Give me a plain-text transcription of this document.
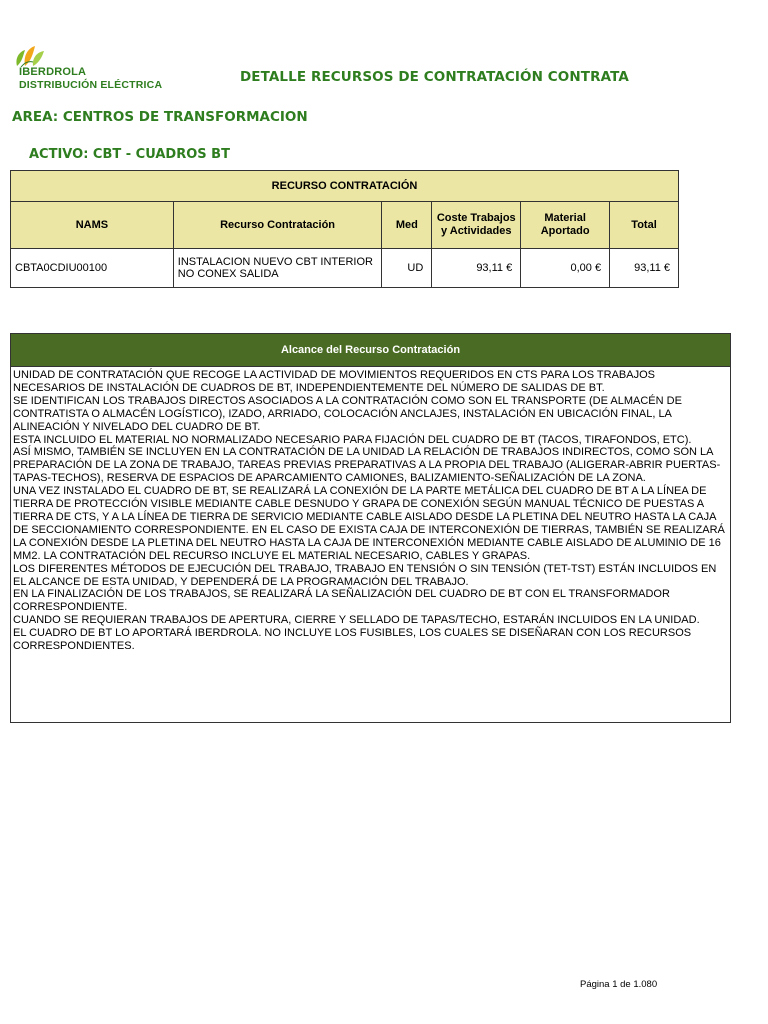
IBERDROLA
DISTRIBUCIÓN ELÉCTRICA	DETALLE RECURSOS DE CONTRATACIÓN CONTRATA
AREA: CENTROS DE TRANSFORMACION
ACTIVO: CBT - CUADROS BT
RECURSO CONTRATACIÓN					
NAMS	Recurso Contratación	Med	Coste Trabajos y Actividades	Material Aportado	Total
CBTA0CDIU00100	INSTALACION NUEVO CBT INTERIOR NO CONEX SALIDA	UD	93,11 €	0,00 €	93,11 €
Alcance del Recurso Contratación
UNIDAD DE CONTRATACIÓN QUE RECOGE LA ACTIVIDAD DE MOVIMIENTOS REQUERIDOS EN CTS PARA LOS TRABAJOS NECESARIOS DE INSTALACIÓN DE CUADROS DE BT, INDEPENDIENTEMENTE DEL NÚMERO DE SALIDAS DE BT.
SE IDENTIFICAN LOS TRABAJOS DIRECTOS ASOCIADOS A LA CONTRATACIÓN COMO SON EL TRANSPORTE (DE ALMACÉN DE CONTRATISTA O ALMACÉN LOGÍSTICO), IZADO, ARRIADO, COLOCACIÓN ANCLAJES, INSTALACIÓN EN UBICACIÓN FINAL, LA ALINEACIÓN Y NIVELADO DEL CUADRO DE BT.
ESTA INCLUIDO EL MATERIAL NO NORMALIZADO NECESARIO PARA FIJACIÓN DEL CUADRO DE BT (TACOS, TIRAFONDOS, ETC).
ASÍ MISMO, TAMBIÉN SE INCLUYEN EN LA CONTRATACIÓN DE LA UNIDAD LA RELACIÓN DE TRABAJOS INDIRECTOS, COMO SON LA PREPARACIÓN DE LA ZONA DE TRABAJO, TAREAS PREVIAS PREPARATIVAS A LA PROPIA DEL TRABAJO (ALIGERAR-ABRIR PUERTAS-TAPAS-TECHOS), RESERVA DE ESPACIOS DE APARCAMIENTO CAMIONES, BALIZAMIENTO-SEÑALIZACIÓN DE LA ZONA.
UNA VEZ INSTALADO EL CUADRO DE BT, SE REALIZARÁ LA CONEXIÓN DE LA PARTE METÁLICA DEL CUADRO DE BT A LA LÍNEA DE TIERRA DE PROTECCIÓN VISIBLE MEDIANTE CABLE DESNUDO Y GRAPA DE CONEXIÓN SEGÚN MANUAL TÉCNICO DE PUESTAS A TIERRA DE CTS, Y A LA LÍNEA DE TIERRA DE SERVICIO MEDIANTE CABLE AISLADO DESDE LA PLETINA DEL NEUTRO HASTA LA CAJA DE SECCIONAMIENTO CORRESPONDIENTE. EN EL CASO DE EXISTA CAJA DE INTERCONEXIÓN DE TIERRAS, TAMBIÉN SE REALIZARÁ LA CONEXIÓN DESDE LA PLETINA DEL NEUTRO HASTA LA CAJA DE INTERCONEXIÓN MEDIANTE CABLE AISLADO DE ALUMINIO DE 16 MM2. LA CONTRATACIÓN DEL RECURSO INCLUYE EL MATERIAL NECESARIO, CABLES Y GRAPAS.
LOS DIFERENTES MÉTODOS DE EJECUCIÓN DEL TRABAJO, TRABAJO EN TENSIÓN O SIN TENSIÓN (TET-TST) ESTÁN INCLUIDOS EN EL ALCANCE DE ESTA UNIDAD, Y DEPENDERÁ DE LA PROGRAMACIÓN DEL TRABAJO.
EN LA FINALIZACIÓN DE LOS TRABAJOS, SE REALIZARÁ LA SEÑALIZACIÓN DEL CUADRO DE BT CON EL TRANSFORMADOR CORRESPONDIENTE.
CUANDO SE REQUIERAN TRABAJOS DE APERTURA, CIERRE Y SELLADO DE TAPAS/TECHO, ESTARÁN INCLUIDOS EN LA UNIDAD.
EL CUADRO DE BT LO APORTARÁ IBERDROLA. NO INCLUYE LOS FUSIBLES, LOS CUALES SE DISEÑARAN CON LOS RECURSOS CORRESPONDIENTES.
Página 1 de 1.080
